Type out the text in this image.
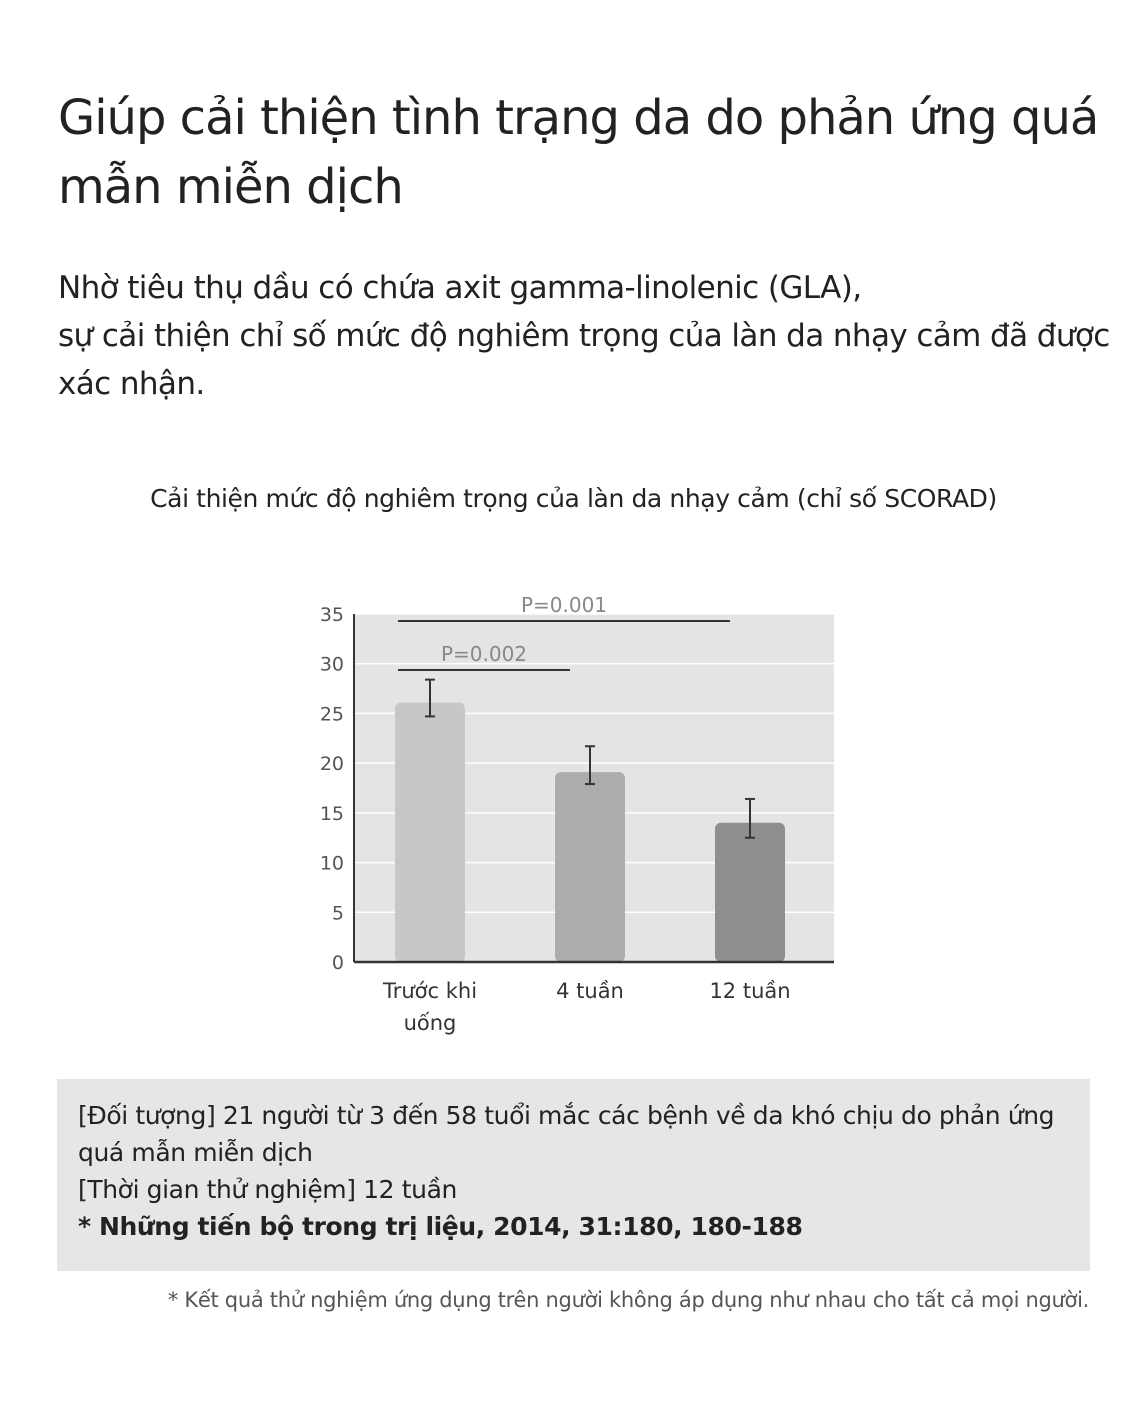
Giúp cải thiện tình trạng da do phản ứng quá mẫn miễn dịch
Nhờ tiêu thụ dầu có chứa axit gamma-linolenic (GLA),
sự cải thiện chỉ số mức độ nghiêm trọng của làn da nhạy cảm đã được xác nhận.
Cải thiện mức độ nghiêm trọng của làn da nhạy cảm (chỉ số SCORAD)
0
5
10
15
20
25
30
35
Trước khi
uống
4 tuần	12 tuần
P=0.001
P=0.002
[Đối tượng] 21 người từ 3 đến 58 tuổi mắc các bệnh về da khó chịu do phản ứng quá mẫn miễn dịch
[Thời gian thử nghiệm] 12 tuần
* Những tiến bộ trong trị liệu, 2014, 31:180, 180-188
* Kết quả thử nghiệm ứng dụng trên người không áp dụng như nhau cho tất cả mọi người.
